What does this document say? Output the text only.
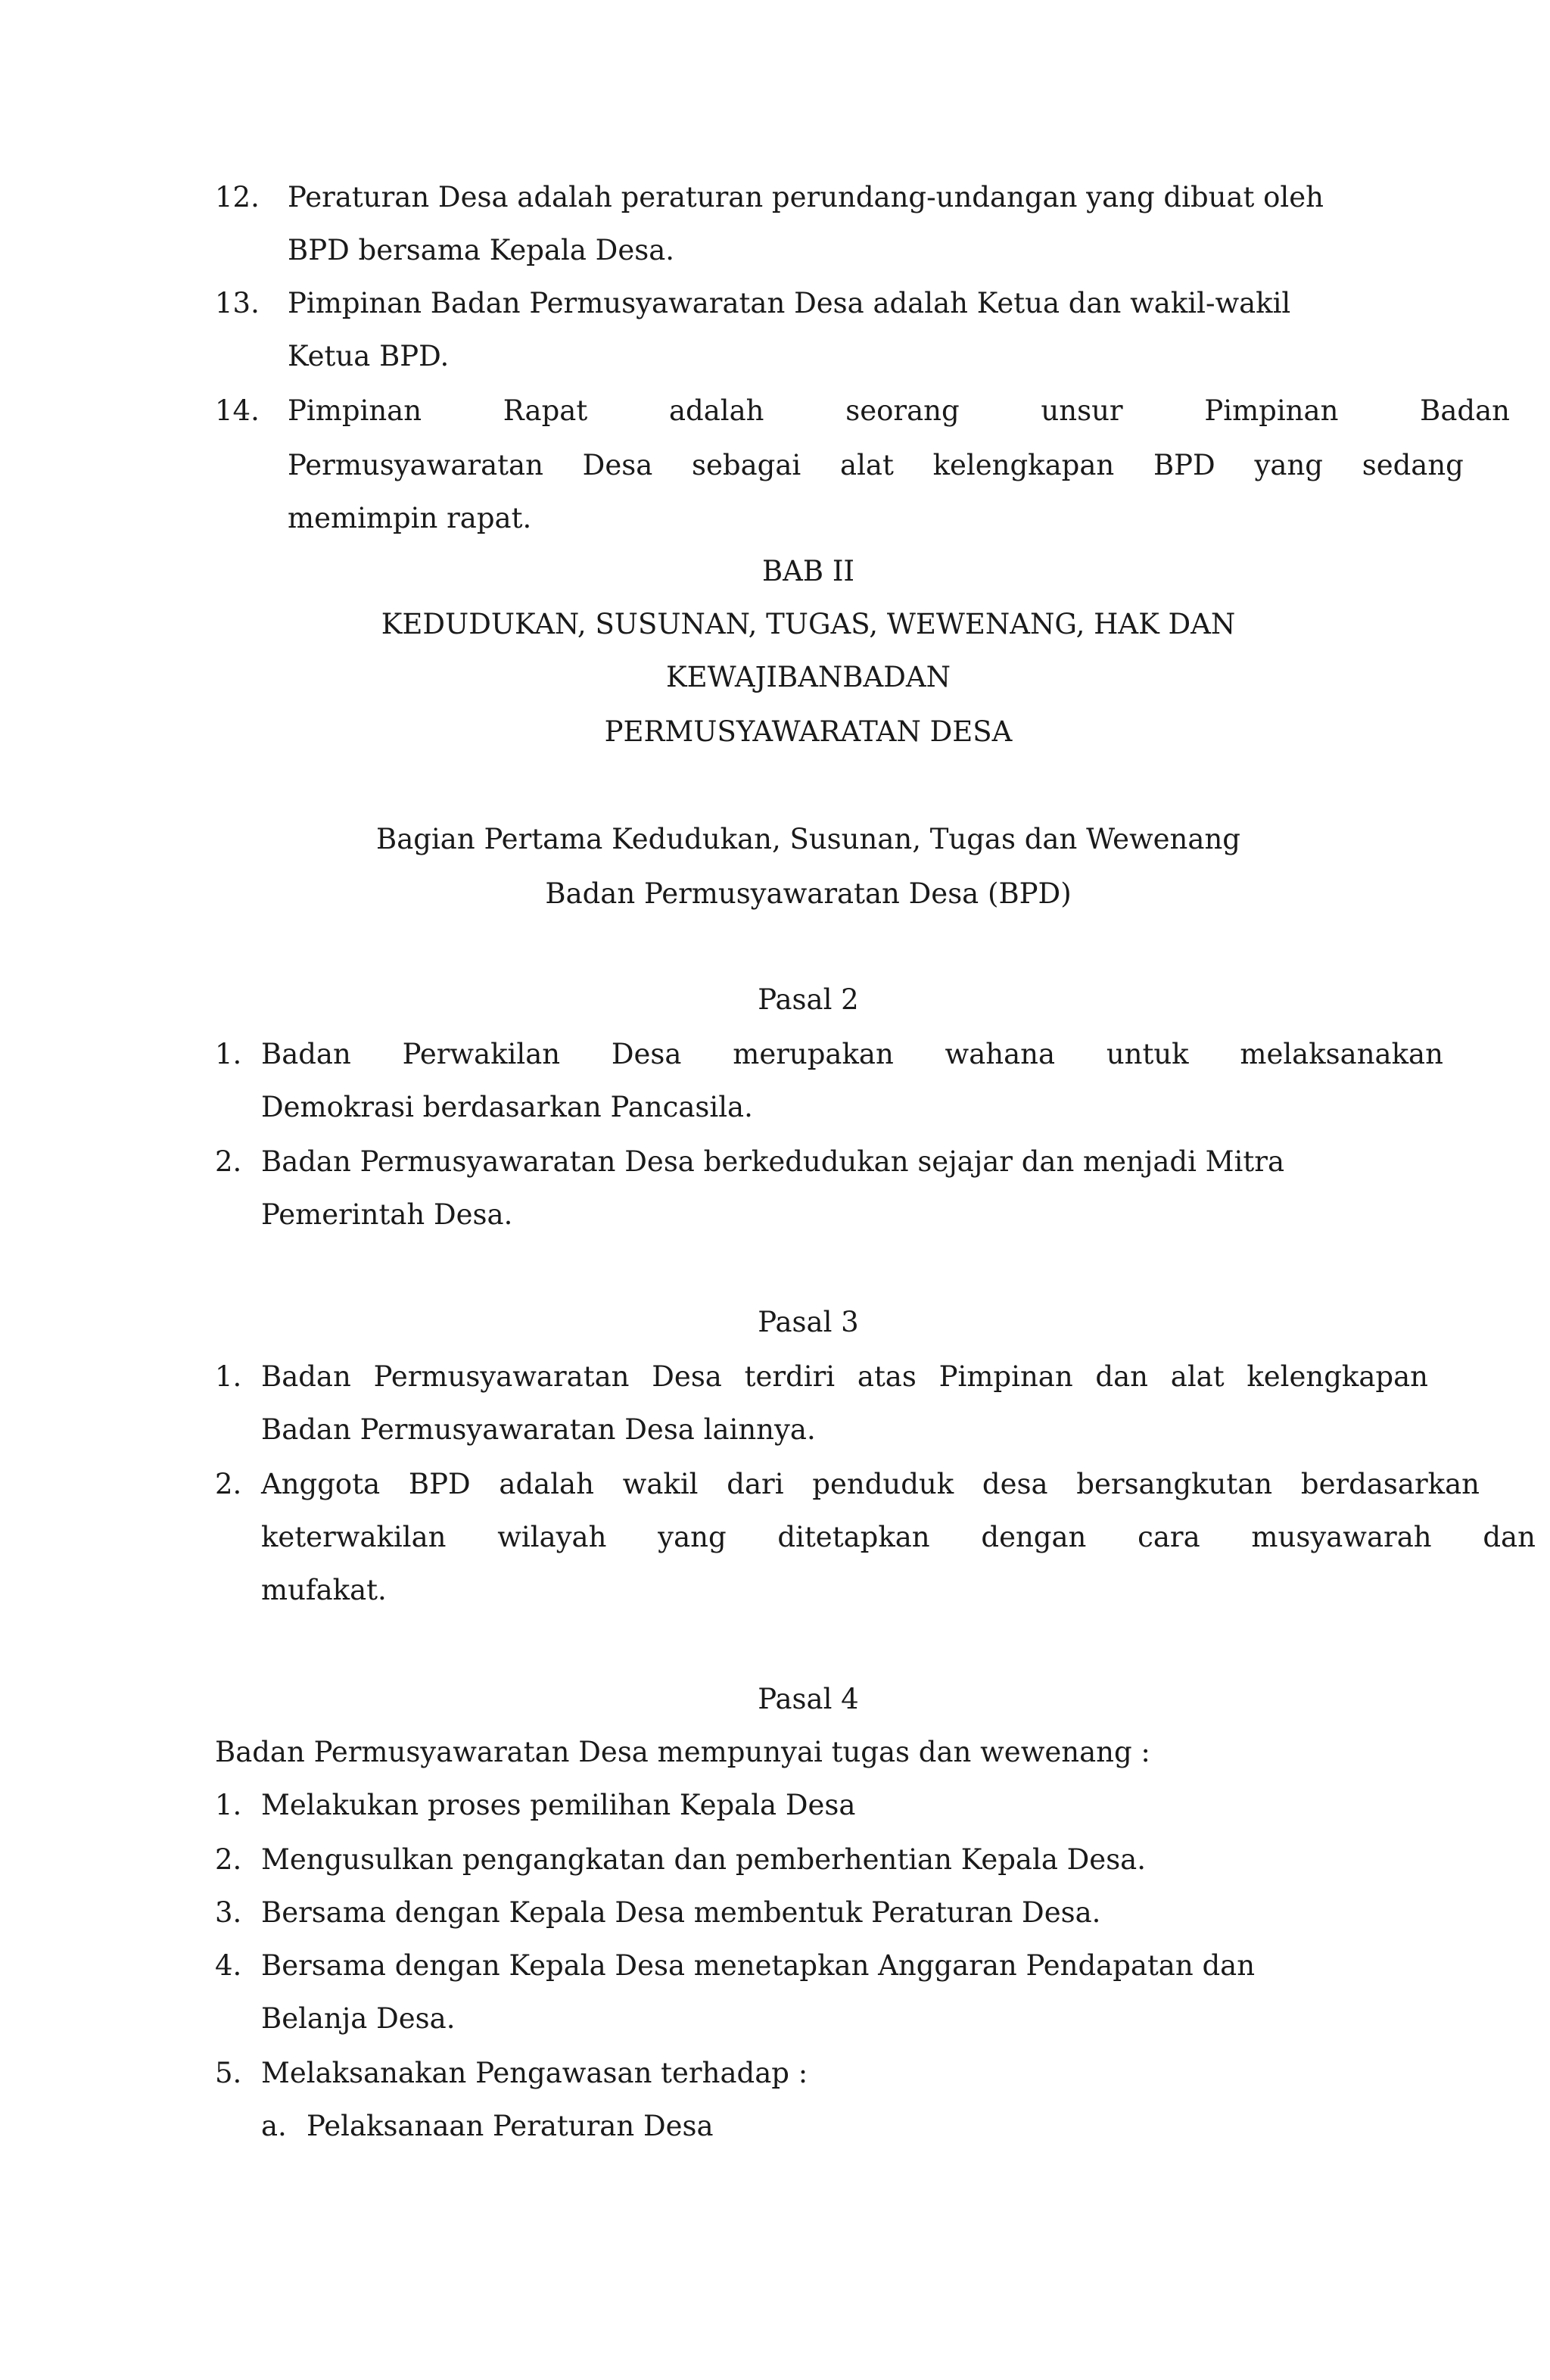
12. Peraturan Desa adalah peraturan perundang-undangan yang dibuat oleh
BPD bersama Kepala Desa.
13. Pimpinan Badan Permusyawaratan Desa adalah Ketua dan wakil-wakil
Ketua BPD.
14. Pimpinan Rapat adalah seorang unsur Pimpinan Badan
Permusyawaratan Desa sebagai alat kelengkapan BPD yang sedang
memimpin rapat.
BAB II
KEDUDUKAN, SUSUNAN, TUGAS, WEWENANG, HAK DAN
KEWAJIBANBADAN
PERMUSYAWARATAN DESA
Bagian Pertama Kedudukan, Susunan, Tugas dan Wewenang
Badan Permusyawaratan Desa (BPD)
Pasal 2
1. Badan Perwakilan Desa merupakan wahana untuk melaksanakan
Demokrasi berdasarkan Pancasila.
2. Badan Permusyawaratan Desa berkedudukan sejajar dan menjadi Mitra
Pemerintah Desa.
Pasal 3
1. Badan Permusyawaratan Desa terdiri atas Pimpinan dan alat kelengkapan
Badan Permusyawaratan Desa lainnya.
2. Anggota BPD adalah wakil dari penduduk desa bersangkutan berdasarkan
keterwakilan wilayah yang ditetapkan dengan cara musyawarah dan
mufakat.
Pasal 4
Badan Permusyawaratan Desa mempunyai tugas dan wewenang :
1. Melakukan proses pemilihan Kepala Desa
2. Mengusulkan pengangkatan dan pemberhentian Kepala Desa.
3. Bersama dengan Kepala Desa membentuk Peraturan Desa.
4. Bersama dengan Kepala Desa menetapkan Anggaran Pendapatan dan
Belanja Desa.
5. Melaksanakan Pengawasan terhadap :
a. Pelaksanaan Peraturan Desa
